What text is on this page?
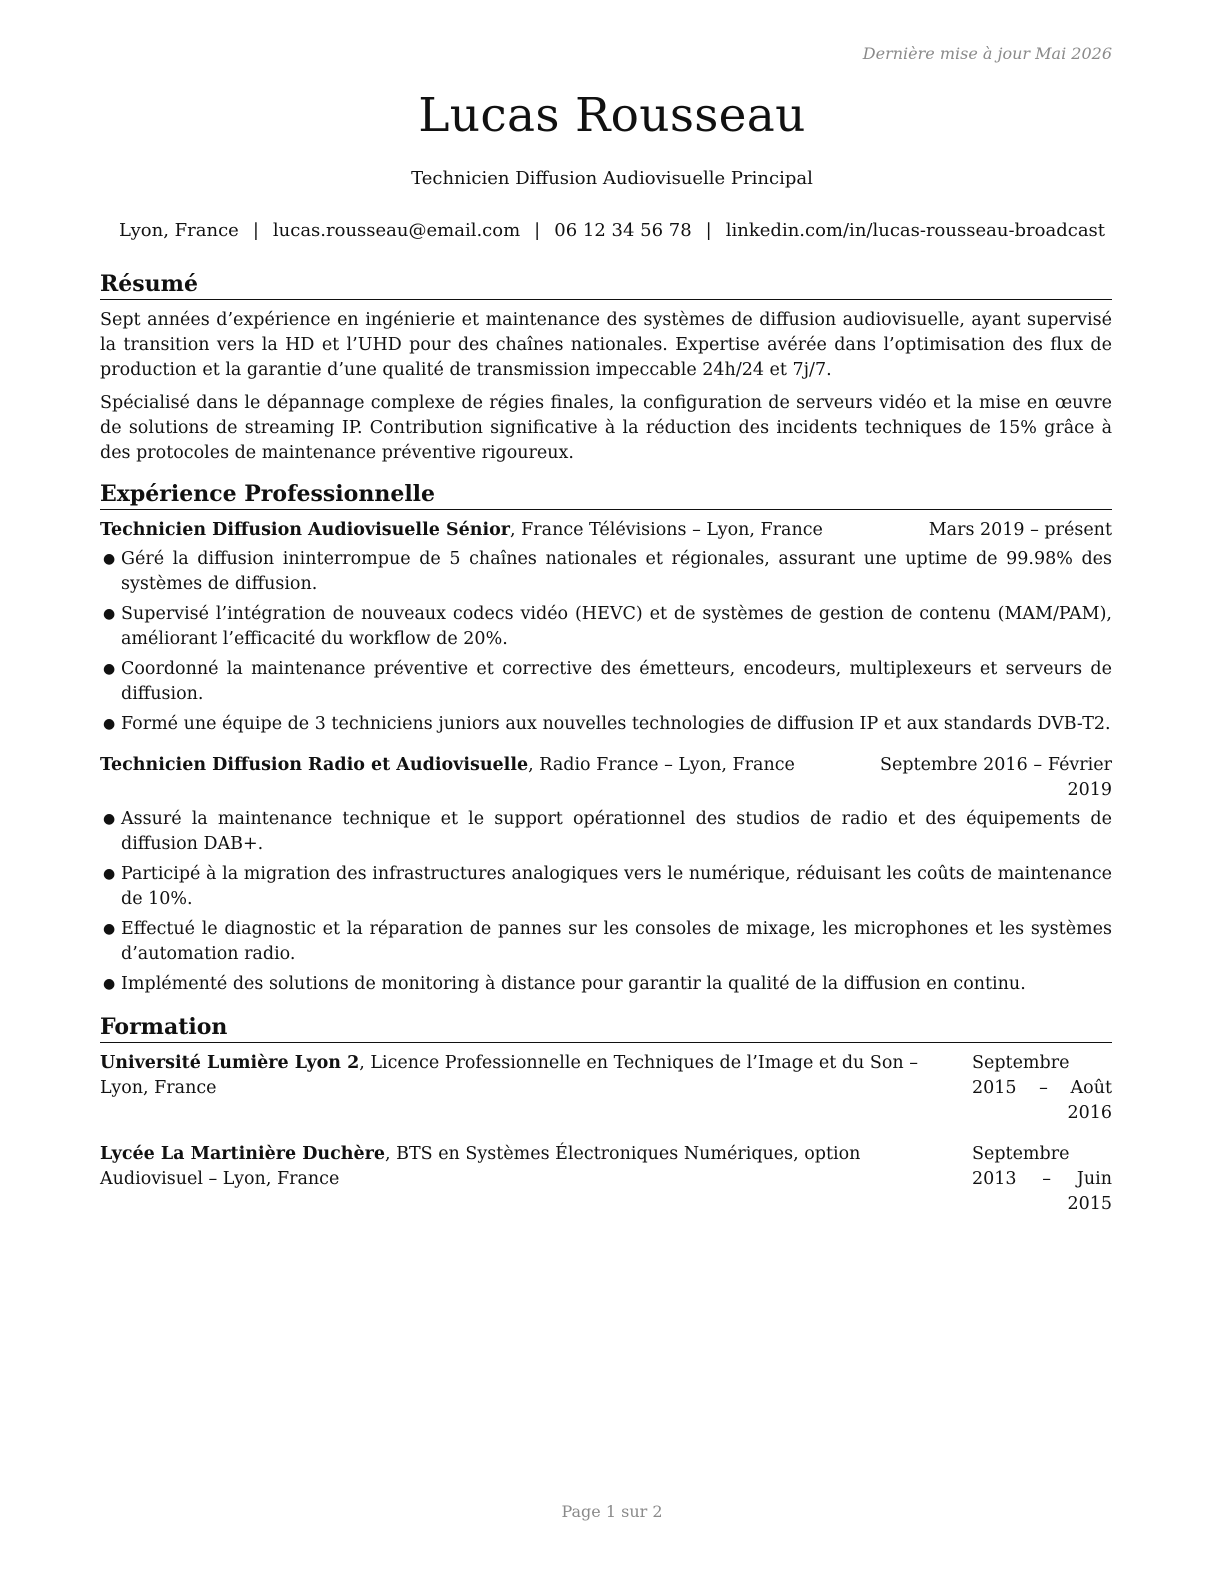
Dernière mise à jour Mai 2026
Lucas Rousseau
Technicien Diffusion Audiovisuelle Principal
Lyon, France | lucas.rousseau@email.com | 06 12 34 56 78 | linkedin.com/in/lucas-rousseau-broadcast
Résumé

Sept années d’expérience en ingénierie et maintenance des systèmes de diffusion audiovisuelle, ayant supervisé la transition vers la HD et l’UHD pour des chaînes nationales. Expertise avérée dans l’optimisation des flux de production et la garantie d’une qualité de transmission impeccable 24h/24 et 7j/7.

Spécialisé dans le dépannage complexe de régies finales, la configuration de serveurs vidéo et la mise en œuvre de solutions de streaming IP. Contribution significative à la réduction des incidents techniques de 15% grâce à des protocoles de maintenance préventive rigoureux.

Expérience Professionnelle
Technicien Diffusion Audiovisuelle Sénior, France Télévisions – Lyon, France	Mars 2019 – présent
● Géré la diffusion ininterrompue de 5 chaînes nationales et régionales, assurant une uptime de 99.98% des systèmes de diffusion.
● Supervisé l’intégration de nouveaux codecs vidéo (HEVC) et de systèmes de gestion de contenu (MAM/PAM), améliorant l’efficacité du workflow de 20%.
● Coordonné la maintenance préventive et corrective des émetteurs, encodeurs, multiplexeurs et serveurs de diffusion.
● Formé une équipe de 3 techniciens juniors aux nouvelles technologies de diffusion IP et aux standards DVB-T2.
Technicien Diffusion Radio et Audiovisuelle, Radio France – Lyon, France	Septembre 2016 – Février 2019
● Assuré la maintenance technique et le support opérationnel des studios de radio et des équipements de diffusion DAB+.
● Participé à la migration des infrastructures analogiques vers le numérique, réduisant les coûts de maintenance de 10%.
● Effectué le diagnostic et la réparation de pannes sur les consoles de mixage, les microphones et les systèmes d’automation radio.
● Implémenté des solutions de monitoring à distance pour garantir la qualité de la diffusion en continu.
Formation
Université Lumière Lyon 2, Licence Professionnelle en Techniques de l’Image et du Son – Lyon, France
Septembre 2015 – Août 2016
Lycée La Martinière Duchère, BTS en Systèmes Électroniques Numériques, option Audiovisuel – Lyon, France
Septembre 2013 – Juin 2015
Page 1 sur 2
